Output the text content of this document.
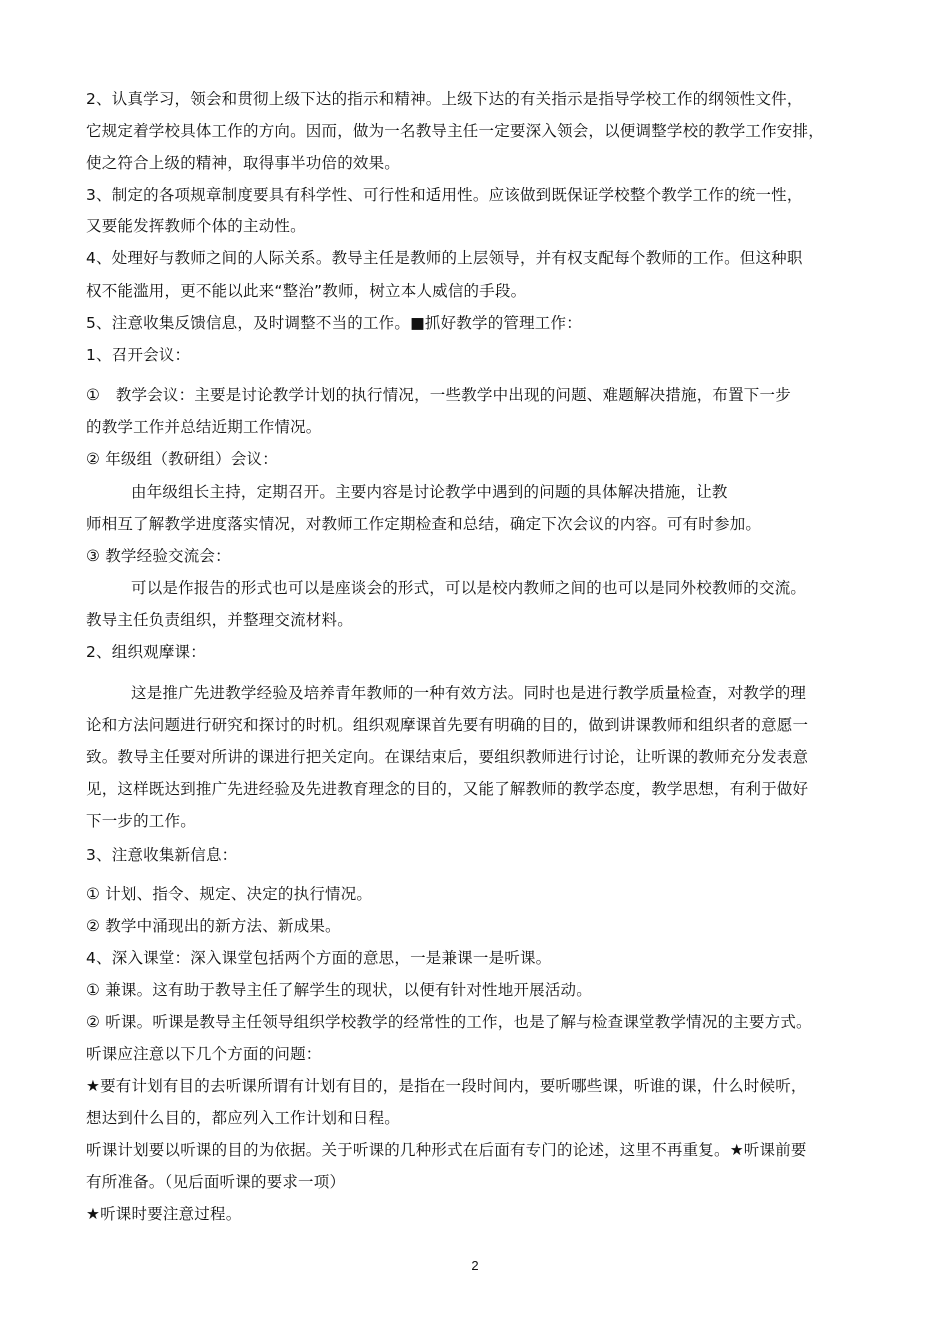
2、认真学习，领会和贯彻上级下达的指示和精神。上级下达的有关指示是指导学校工作的纲领性文件，
它规定着学校具体工作的方向。因而，做为一名教导主任一定要深入领会，以便调整学校的教学工作安排，
使之符合上级的精神，取得事半功倍的效果。
3、制定的各项规章制度要具有科学性、可行性和适用性。应该做到既保证学校整个教学工作的统一性，
又要能发挥教师个体的主动性。
4、处理好与教师之间的人际关系。教导主任是教师的上层领导，并有权支配每个教师的工作。但这种职
权不能滥用，更不能以此来“整治”教师，树立本人威信的手段。
5、注意收集反馈信息，及时调整不当的工作。■抓好教学的管理工作：
1、召开会议：
①　教学会议：主要是讨论教学计划的执行情况，一些教学中出现的问题、难题解决措施，布置下一步
的教学工作并总结近期工作情况。
② 年级组（教研组）会议：
由年级组长主持，定期召开。主要内容是讨论教学中遇到的问题的具体解决措施，让教
师相互了解教学进度落实情况，对教师工作定期检查和总结，确定下次会议的内容。可有时参加。
③ 教学经验交流会：
可以是作报告的形式也可以是座谈会的形式，可以是校内教师之间的也可以是同外校教师的交流。
教导主任负责组织，并整理交流材料。
2、组织观摩课：
这是推广先进教学经验及培养青年教师的一种有效方法。同时也是进行教学质量检查，对教学的理
论和方法问题进行研究和探讨的时机。组织观摩课首先要有明确的目的，做到讲课教师和组织者的意愿一
致。教导主任要对所讲的课进行把关定向。在课结束后，要组织教师进行讨论，让听课的教师充分发表意
见，这样既达到推广先进经验及先进教育理念的目的，又能了解教师的教学态度，教学思想，有利于做好
下一步的工作。
3、注意收集新信息：
① 计划、指令、规定、决定的执行情况。
② 教学中涌现出的新方法、新成果。
4、深入课堂：深入课堂包括两个方面的意思，一是兼课一是听课。
① 兼课。这有助于教导主任了解学生的现状，以便有针对性地开展活动。
② 听课。听课是教导主任领导组织学校教学的经常性的工作，也是了解与检查课堂教学情况的主要方式。
听课应注意以下几个方面的问题：
★要有计划有目的去听课所谓有计划有目的，是指在一段时间内，要听哪些课，听谁的课，什么时候听，
想达到什么目的，都应列入工作计划和日程。
听课计划要以听课的目的为依据。关于听课的几种形式在后面有专门的论述，这里不再重复。★听课前要
有所准备。（见后面听课的要求一项）
★听课时要注意过程。
2
